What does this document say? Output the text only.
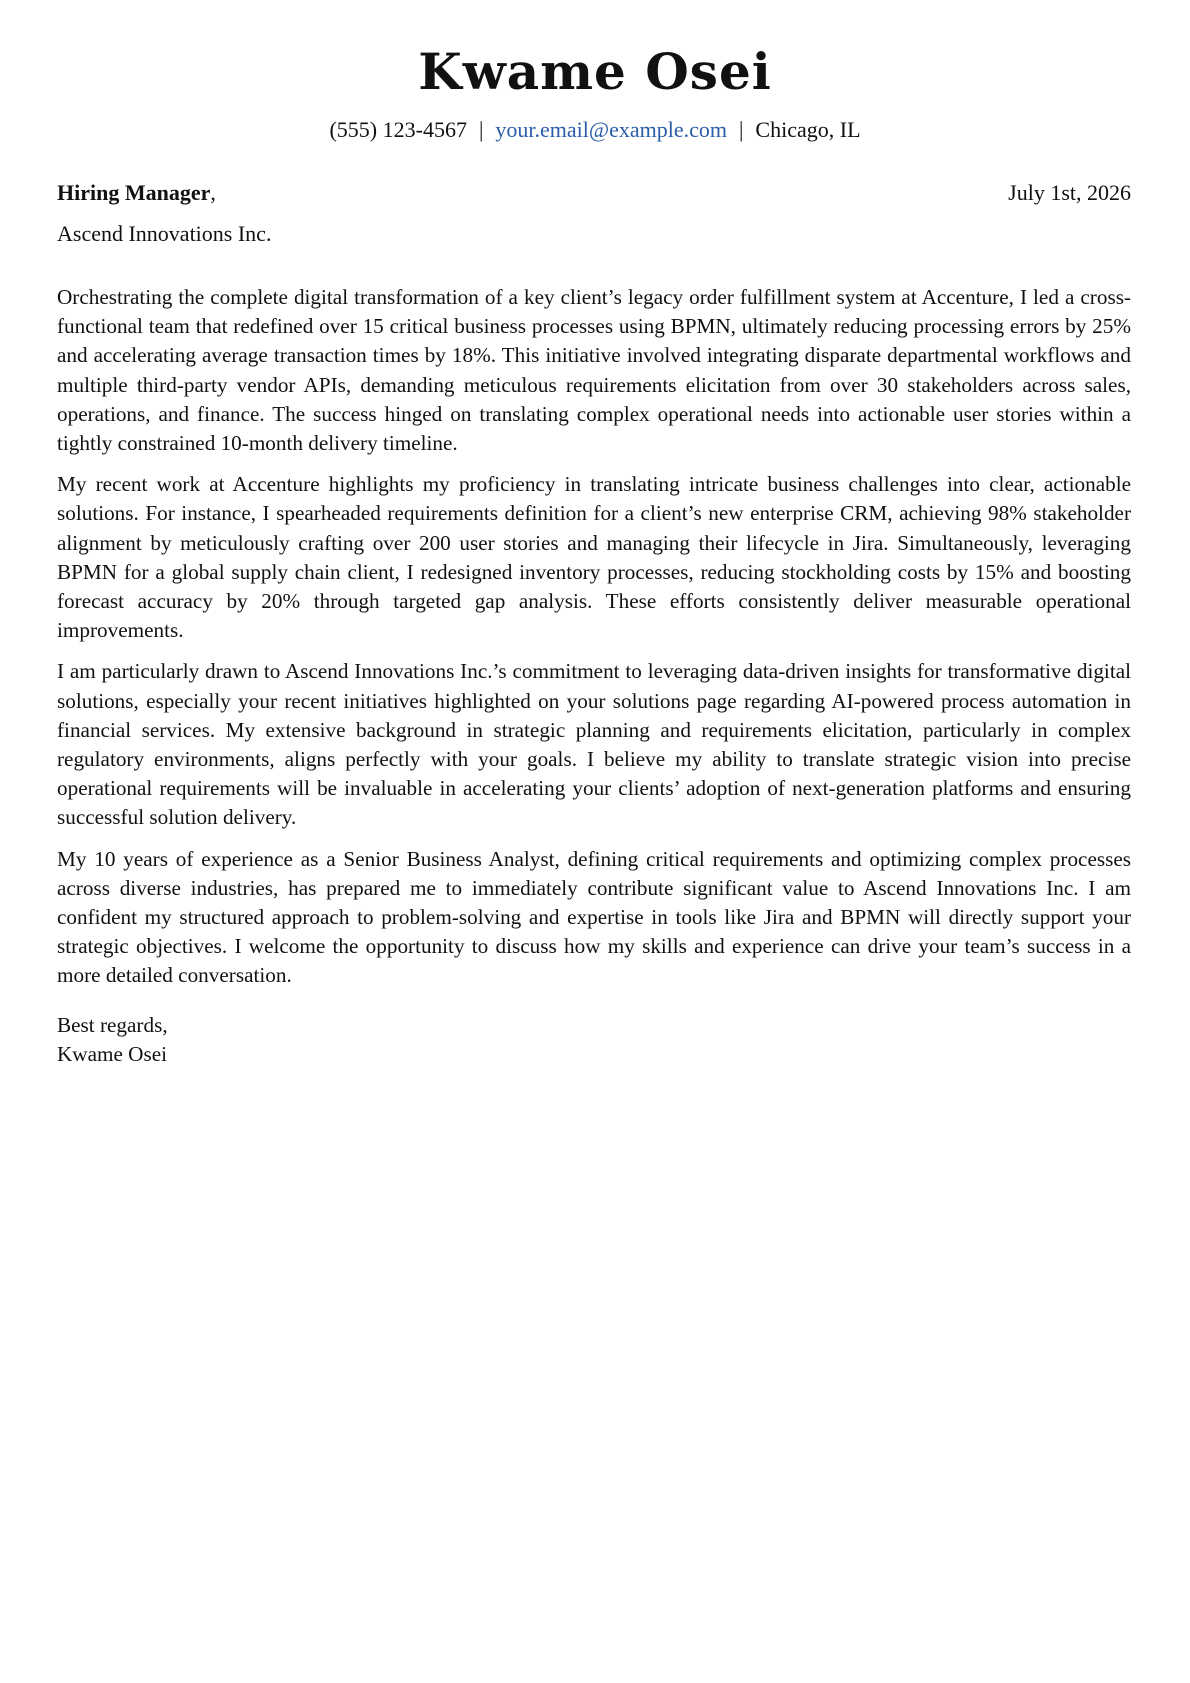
Kwame Osei
(555) 123-4567 | your.email@example.com | Chicago, IL
Hiring Manager,	July 1st, 2026
Ascend Innovations Inc.

Orchestrating the complete digital transformation of a key client’s legacy order fulfillment system at Accenture, I led a cross-functional team that redefined over 15 critical business processes using BPMN, ultimately reducing processing errors by 25% and accelerating average transaction times by 18%. This initiative involved integrating disparate departmental workflows and multiple third-party vendor APIs, demanding meticulous requirements elicitation from over 30 stakeholders across sales, operations, and finance. The success hinged on translating complex operational needs into actionable user stories within a tightly constrained 10-month delivery timeline.

My recent work at Accenture highlights my proficiency in translating intricate business challenges into clear, actionable solutions. For instance, I spearheaded requirements definition for a client’s new enterprise CRM, achieving 98% stakeholder alignment by meticulously crafting over 200 user stories and managing their lifecycle in Jira. Simultaneously, leveraging BPMN for a global supply chain client, I redesigned inventory processes, reducing stockholding costs by 15% and boosting forecast accuracy by 20% through targeted gap analysis. These efforts consistently deliver measurable operational improvements.

I am particularly drawn to Ascend Innovations Inc.’s commitment to leveraging data-driven insights for transformative digital solutions, especially your recent initiatives highlighted on your solutions page regarding AI-powered process automation in financial services. My extensive background in strategic planning and requirements elicitation, particularly in complex regulatory environments, aligns perfectly with your goals. I believe my ability to translate strategic vision into precise operational requirements will be invaluable in accelerating your clients’ adoption of next-generation platforms and ensuring successful solution delivery.

My 10 years of experience as a Senior Business Analyst, defining critical requirements and optimizing complex processes across diverse industries, has prepared me to immediately contribute significant value to Ascend Innovations Inc. I am confident my structured approach to problem-solving and expertise in tools like Jira and BPMN will directly support your strategic objectives. I welcome the opportunity to discuss how my skills and experience can drive your team’s success in a more detailed conversation.

Best regards,
Kwame Osei
